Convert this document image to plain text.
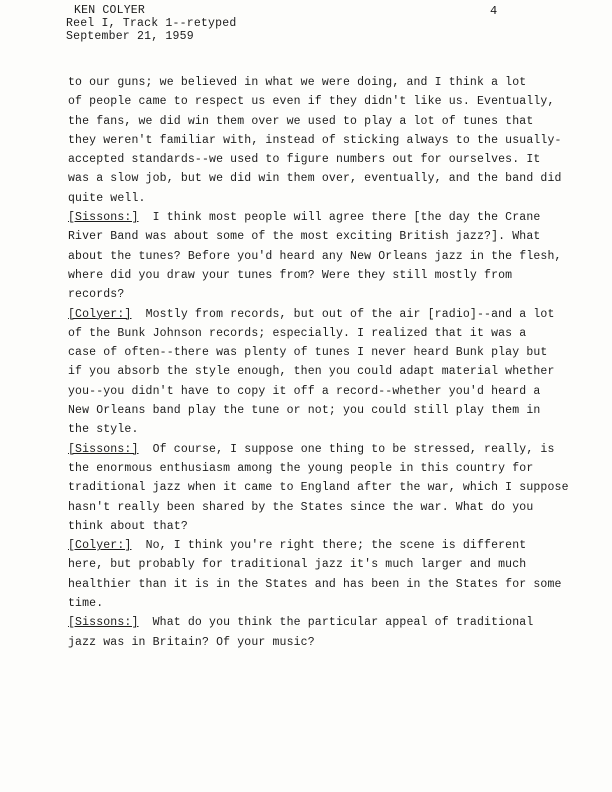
KEN COLYER
Reel I, Track 1--retyped
September 21, 1959
4
to our guns; we believed in what we were doing, and I think a lot
of people came to respect us even if they didn't like us. Eventually,
the fans, we did win them over we used to play a lot of tunes that
they weren't familiar with, instead of sticking always to the usually-
accepted standards--we used to figure numbers out for ourselves. It
was a slow job, but we did win them over, eventually, and the band did
quite well.
[Sissons:]  I think most people will agree there [the day the Crane
River Band was about some of the most exciting British jazz?]. What
about the tunes? Before you'd heard any New Orleans jazz in the flesh,
where did you draw your tunes from? Were they still mostly from
records?
[Colyer:]  Mostly from records, but out of the air [radio]--and a lot
of the Bunk Johnson records; especially. I realized that it was a
case of often--there was plenty of tunes I never heard Bunk play but
if you absorb the style enough, then you could adapt material whether
you--you didn't have to copy it off a record--whether you'd heard a
New Orleans band play the tune or not; you could still play them in
the style.
[Sissons:]  Of course, I suppose one thing to be stressed, really, is
the enormous enthusiasm among the young people in this country for
traditional jazz when it came to England after the war, which I suppose
hasn't really been shared by the States since the war. What do you
think about that?
[Colyer:]  No, I think you're right there; the scene is different
here, but probably for traditional jazz it's much larger and much
healthier than it is in the States and has been in the States for some
time.
[Sissons:]  What do you think the particular appeal of traditional
jazz was in Britain? Of your music?
